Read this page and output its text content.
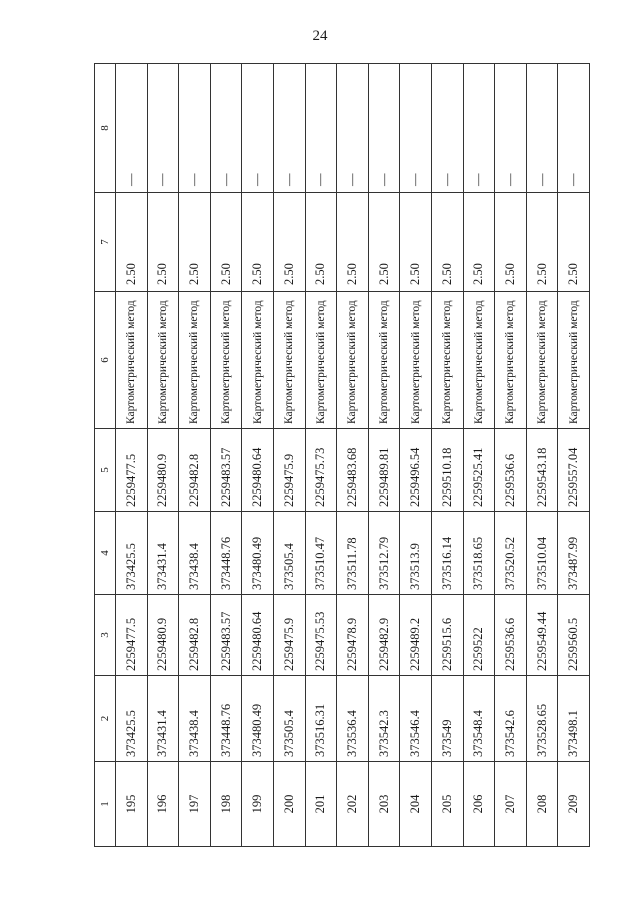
24
1	2	3	4	5	6	7	8
195	373425.5	2259477.5	373425.5	2259477.5	Картометрический метод	2.50	—
196	373431.4	2259480.9	373431.4	2259480.9	Картометрический метод	2.50	—
197	373438.4	2259482.8	373438.4	2259482.8	Картометрический метод	2.50	—
198	373448.76	2259483.57	373448.76	2259483.57	Картометрический метод	2.50	—
199	373480.49	2259480.64	373480.49	2259480.64	Картометрический метод	2.50	—
200	373505.4	2259475.9	373505.4	2259475.9	Картометрический метод	2.50	—
201	373516.31	2259475.53	373510.47	2259475.73	Картометрический метод	2.50	—
202	373536.4	2259478.9	373511.78	2259483.68	Картометрический метод	2.50	—
203	373542.3	2259482.9	373512.79	2259489.81	Картометрический метод	2.50	—
204	373546.4	2259489.2	373513.9	2259496.54	Картометрический метод	2.50	—
205	373549	2259515.6	373516.14	2259510.18	Картометрический метод	2.50	—
206	373548.4	2259522	373518.65	2259525.41	Картометрический метод	2.50	—
207	373542.6	2259536.6	373520.52	2259536.6	Картометрический метод	2.50	—
208	373528.65	2259549.44	373510.04	2259543.18	Картометрический метод	2.50	—
209	373498.1	2259560.5	373487.99	2259557.04	Картометрический метод	2.50	—
